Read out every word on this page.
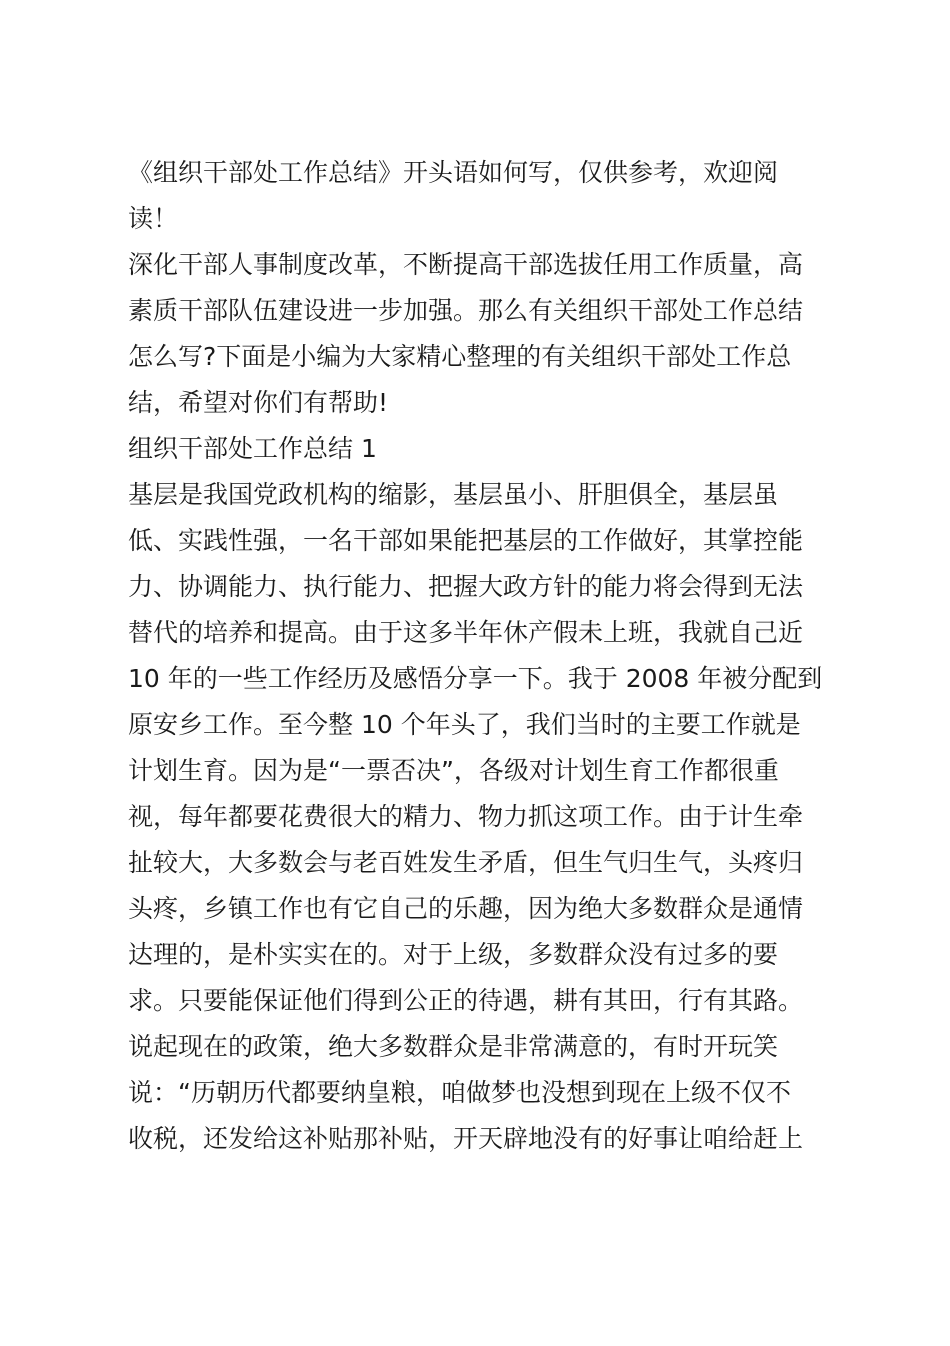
《组织干部处工作总结》开头语如何写，仅供参考，欢迎阅
读！
深化干部人事制度改革，不断提高干部选拔任用工作质量，高
素质干部队伍建设进一步加强。那么有关组织干部处工作总结
怎么写?下面是小编为大家精心整理的有关组织干部处工作总
结，希望对你们有帮助!
组织干部处工作总结 1
基层是我国党政机构的缩影，基层虽小、肝胆俱全，基层虽
低、实践性强，一名干部如果能把基层的工作做好，其掌控能
力、协调能力、执行能力、把握大政方针的能力将会得到无法
替代的培养和提高。由于这多半年休产假未上班，我就自己近
10 年的一些工作经历及感悟分享一下。我于 2008 年被分配到
原安乡工作。至今整 10 个年头了，我们当时的主要工作就是
计划生育。因为是“一票否决”，各级对计划生育工作都很重
视，每年都要花费很大的精力、物力抓这项工作。由于计生牵
扯较大，大多数会与老百姓发生矛盾，但生气归生气，头疼归
头疼，乡镇工作也有它自己的乐趣，因为绝大多数群众是通情
达理的，是朴实实在的。对于上级，多数群众没有过多的要
求。只要能保证他们得到公正的待遇，耕有其田，行有其路。
说起现在的政策，绝大多数群众是非常满意的，有时开玩笑
说：“历朝历代都要纳皇粮，咱做梦也没想到现在上级不仅不
收税，还发给这补贴那补贴，开天辟地没有的好事让咱给赶上
